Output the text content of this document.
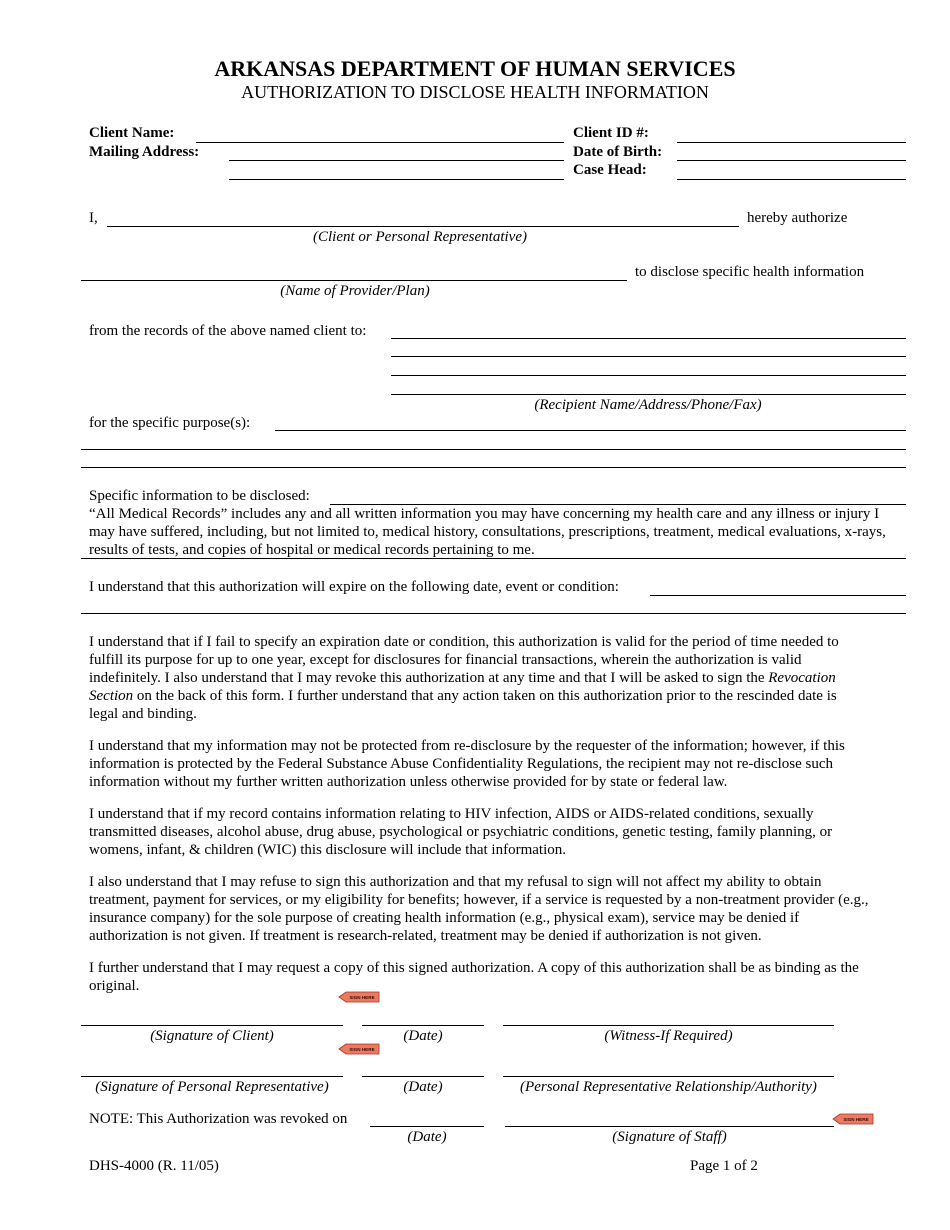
ARKANSAS DEPARTMENT OF HUMAN SERVICES
AUTHORIZATION TO DISCLOSE HEALTH INFORMATION
Client Name:
Mailing Address:
Client ID #:
Date of Birth:
Case Head:
I,	hereby authorize
(Client or Personal Representative)
to disclose specific health information
(Name of Provider/Plan)
from the records of the above named client to:
(Recipient Name/Address/Phone/Fax)
for the specific purpose(s):
Specific information to be disclosed:

“All Medical Records” includes any and all written information you may have concerning my health care and any illness or injury I may have suffered, including, but not limited to, medical history, consultations, prescriptions, treatment, medical evaluations, x-rays, results of tests, and copies of hospital or medical records pertaining to me.

I understand that this authorization will expire on the following date, event or condition:

I understand that if I fail to specify an expiration date or condition, this authorization is valid for the period of time needed to fulfill its purpose for up to one year, except for disclosures for financial transactions, wherein the authorization is valid indefinitely. I also understand that I may revoke this authorization at any time and that I will be asked to sign the Revocation Section on the back of this form. I further understand that any action taken on this authorization prior to the rescinded date is legal and binding.

I understand that my information may not be protected from re-disclosure by the requester of the information; however, if this information is protected by the Federal Substance Abuse Confidentiality Regulations, the recipient may not re-disclose such information without my further written authorization unless otherwise provided for by state or federal law.

I understand that if my record contains information relating to HIV infection, AIDS or AIDS-related conditions, sexually transmitted diseases, alcohol abuse, drug abuse, psychological or psychiatric conditions, genetic testing, family planning, or womens, infant, & children (WIC) this disclosure will include that information.

I also understand that I may refuse to sign this authorization and that my refusal to sign will not affect my ability to obtain treatment, payment for services, or my eligibility for benefits; however, if a service is requested by a non-treatment provider (e.g., insurance company) for the sole purpose of creating health information (e.g., physical exam), service may be denied if authorization is not given. If treatment is research-related, treatment may be denied if authorization is not given.

I further understand that I may request a copy of this signed authorization. A copy of this authorization shall be as binding as the original.

SIGN HERE
SIGN HERE
SIGN HERE
(Signature of Client)	(Date)	(Witness-If Required)
(Signature of Personal Representative)	(Date)	(Personal Representative Relationship/Authority)
NOTE: This Authorization was revoked on
(Date)	(Signature of Staff)
DHS-4000 (R. 11/05)	Page 1 of 2
